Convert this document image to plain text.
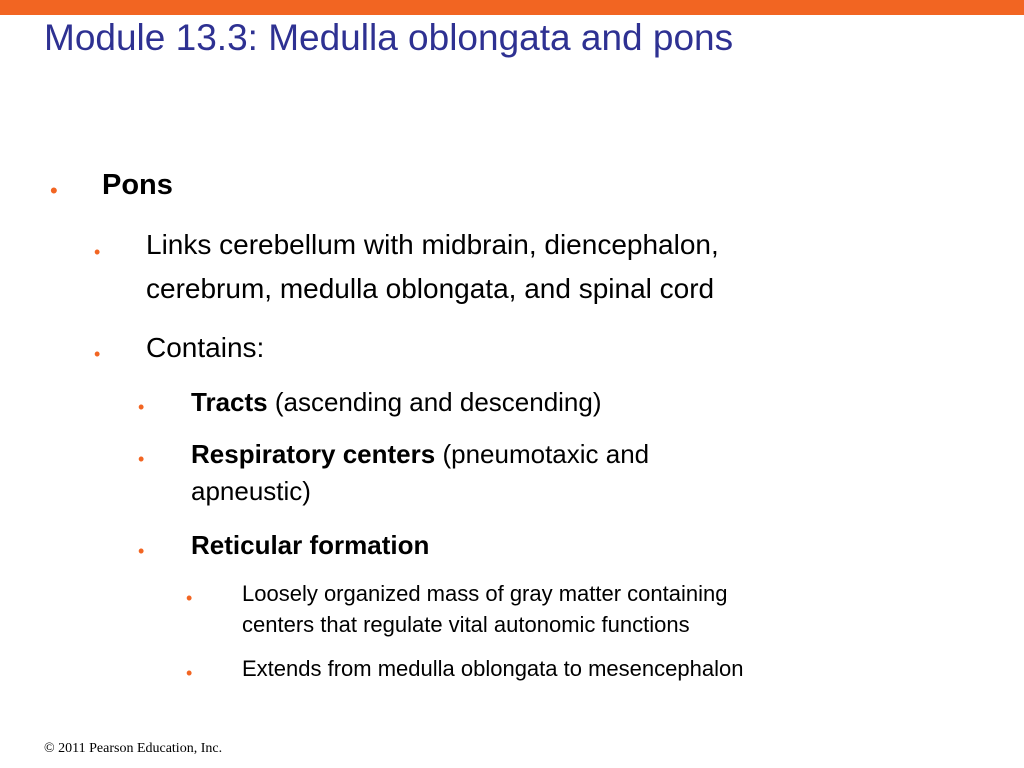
Module 13.3: Medulla oblongata and pons
• Pons
• Links cerebellum with midbrain, diencephalon,
cerebrum, medulla oblongata, and spinal cord
• Contains:
• Tracts (ascending and descending)
• Respiratory centers (pneumotaxic and
apneustic)
• Reticular formation
• Loosely organized mass of gray matter containing
centers that regulate vital autonomic functions
• Extends from medulla oblongata to mesencephalon
© 2011 Pearson Education, Inc.
